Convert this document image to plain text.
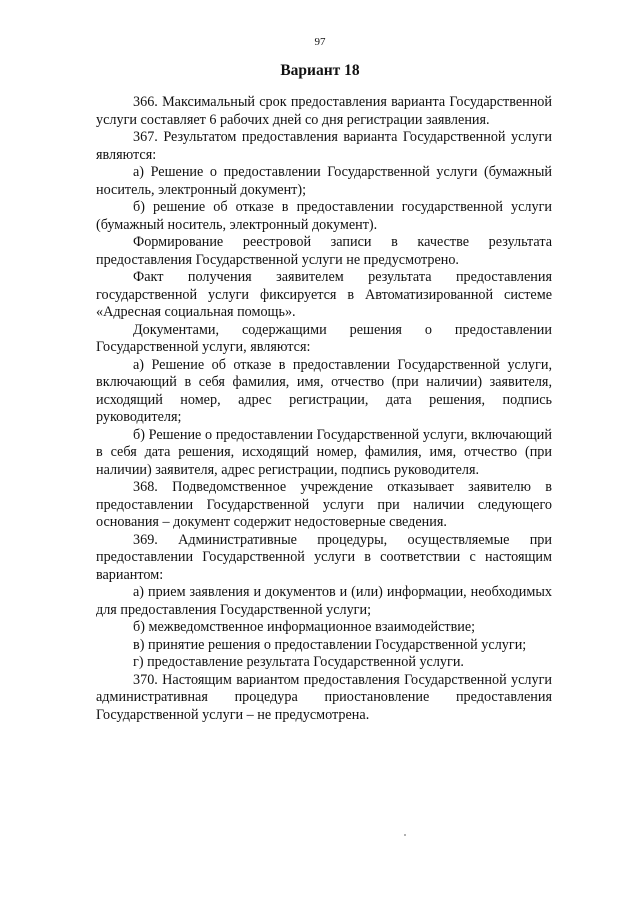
97
Вариант 18

366. Максимальный срок предоставления варианта Государственной услуги составляет 6 рабочих дней со дня регистрации заявления.

367. Результатом предоставления варианта Государственной услуги являются:

а) Решение о предоставлении Государственной услуги (бумажный носитель, электронный документ);

б) решение об отказе в предоставлении государственной услуги (бумажный носитель, электронный документ).

Формирование реестровой записи в качестве результата предоставления Государственной услуги не предусмотрено.

Факт получения заявителем результата предоставления государственной услуги фиксируется в Автоматизированной системе «Адресная социальная помощь».

Документами, содержащими решения о предоставлении Государственной услуги, являются:

а) Решение об отказе в предоставлении Государственной услуги, включающий в себя фамилия, имя, отчество (при наличии) заявителя, исходящий номер, адрес регистрации, дата решения, подпись руководителя;

б) Решение о предоставлении Государственной услуги, включающий в себя дата решения, исходящий номер, фамилия, имя, отчество (при наличии) заявителя, адрес регистрации, подпись руководителя.

368. Подведомственное учреждение отказывает заявителю в предоставлении Государственной услуги при наличии следующего основания – документ содержит недостоверные сведения.

369. Административные процедуры, осуществляемые при предоставлении Государственной услуги в соответствии с настоящим вариантом:

а) прием заявления и документов и (или) информации, необходимых для предоставления Государственной услуги;

б) межведомственное информационное взаимодействие;

в) принятие решения о предоставлении Государственной услуги;

г) предоставление результата Государственной услуги.

370. Настоящим вариантом предоставления Государственной услуги административная процедура приостановление предоставления Государственной услуги – не предусмотрена.
